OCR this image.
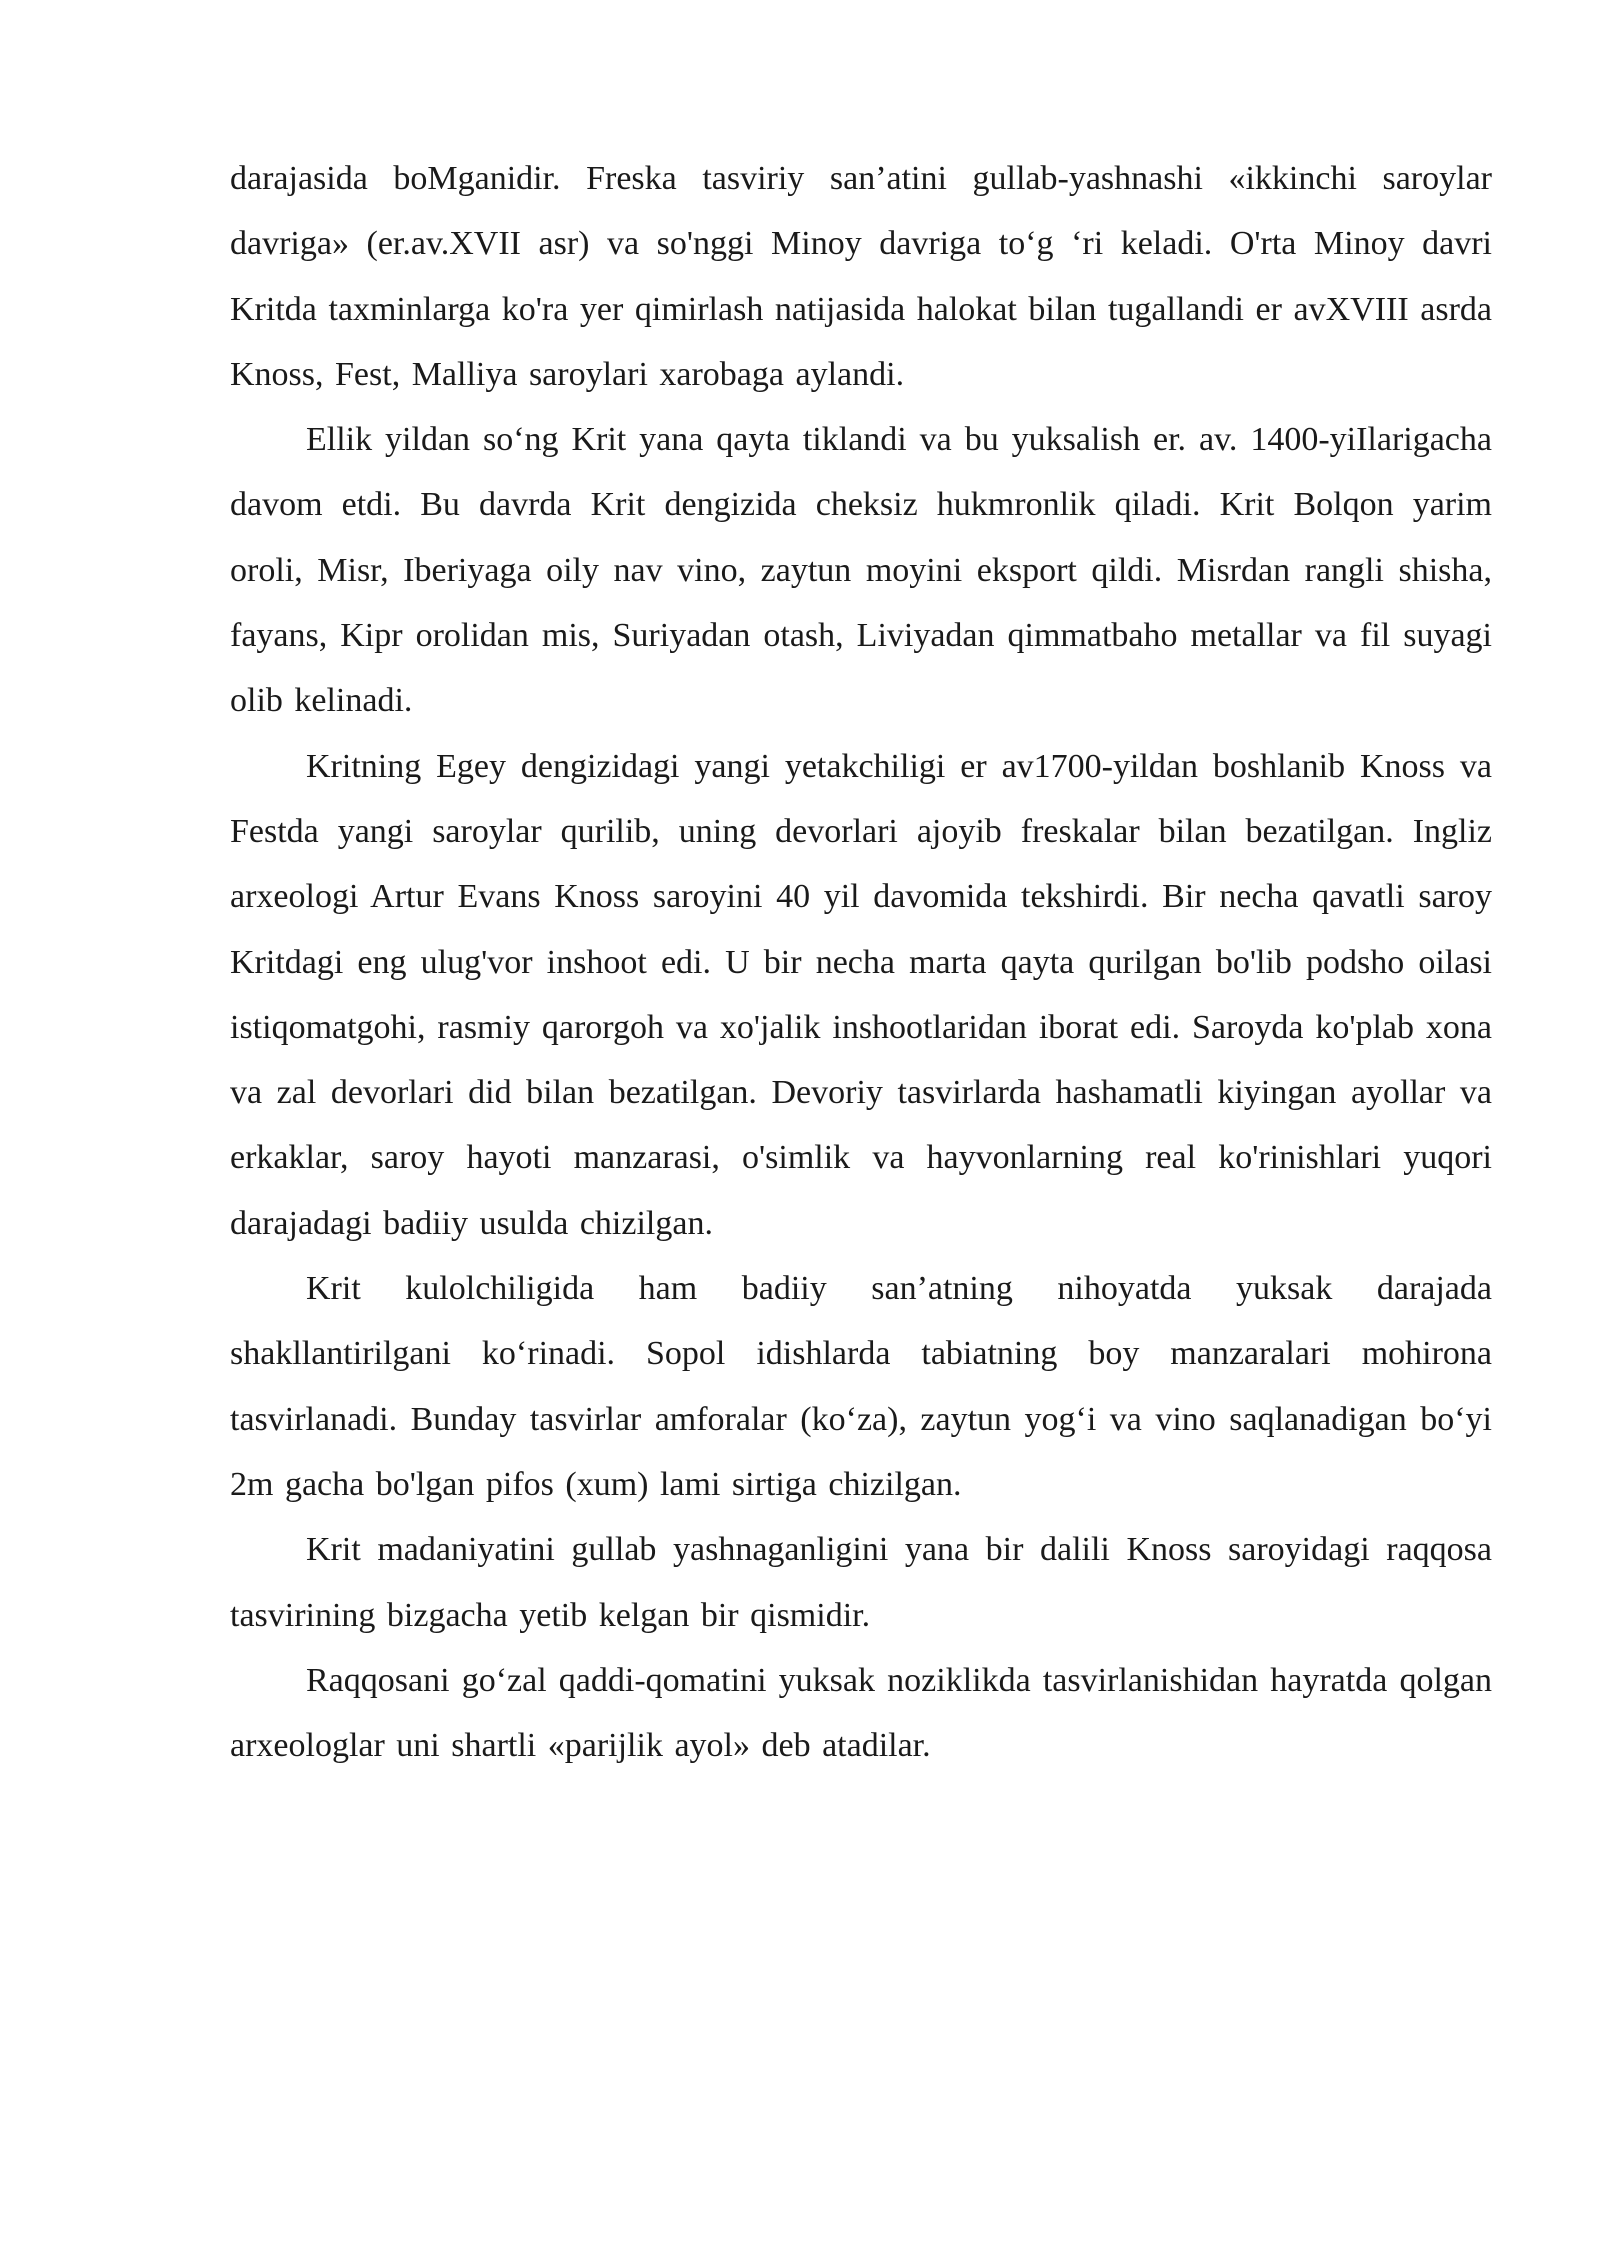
darajasida boMganidir. Freska tasviriy san’atini gullab-yashnashi «ikkinchi saroylar davriga» (er.av.XVII asr) va so'nggi Minoy davriga to‘g ‘ri keladi. O'rta Minoy davri Kritda taxminlarga ko'ra yer qimirlash natijasida halokat bilan tugallandi er avXVIII asrda Knoss, Fest, Malliya saroylari xarobaga aylandi.

Ellik yildan so‘ng Krit yana qayta tiklandi va bu yuksalish er. av. 1400-yiIlarigacha davom etdi. Bu davrda Krit dengizida cheksiz hukmronlik qiladi. Krit Bolqon yarim oroli, Misr, Iberiyaga oily nav vino, zaytun moyini eksport qildi. Misrdan rangli shisha, fayans, Kipr orolidan mis, Suriyadan otash, Liviyadan qimmatbaho metallar va fil suyagi olib kelinadi.

Kritning Egey dengizidagi yangi yetakchiligi er av1700-yildan boshlanib Knoss va Festda yangi saroylar qurilib, uning devorlari ajoyib freskalar bilan bezatilgan. Ingliz arxeologi Artur Evans Knoss saroyini 40 yil davomida tekshirdi. Bir necha qavatli saroy Kritdagi eng ulug'vor inshoot edi. U bir necha marta qayta qurilgan bo'lib podsho oilasi istiqomatgohi, rasmiy qarorgoh va xo'jalik inshootlaridan iborat edi. Saroyda ko'plab xona va zal devorlari did bilan bezatilgan. Devoriy tasvirlarda hashamatli kiyingan ayollar va erkaklar, saroy hayoti manzarasi, o'simlik va hayvonlarning real ko'rinishlari yuqori darajadagi badiiy usulda chizilgan.

Krit kulolchiligida ham badiiy san’atning nihoyatda yuksak darajada shakllantirilgani ko‘rinadi. Sopol idishlarda tabiatning boy manzaralari mohirona tasvirlanadi. Bunday tasvirlar amforalar (ko‘za), zaytun yog‘i va vino saqlanadigan bo‘yi 2m gacha bo'lgan pifos (xum) lami sirtiga chizilgan.

Krit madaniyatini gullab yashnaganligini yana bir dalili Knoss saroyidagi raqqosa tasvirining bizgacha yetib kelgan bir qismidir.

Raqqosani go‘zal qaddi-qomatini yuksak noziklikda tasvirlanishidan hayratda qolgan arxeologlar uni shartli «parijlik ayol» deb atadilar.
